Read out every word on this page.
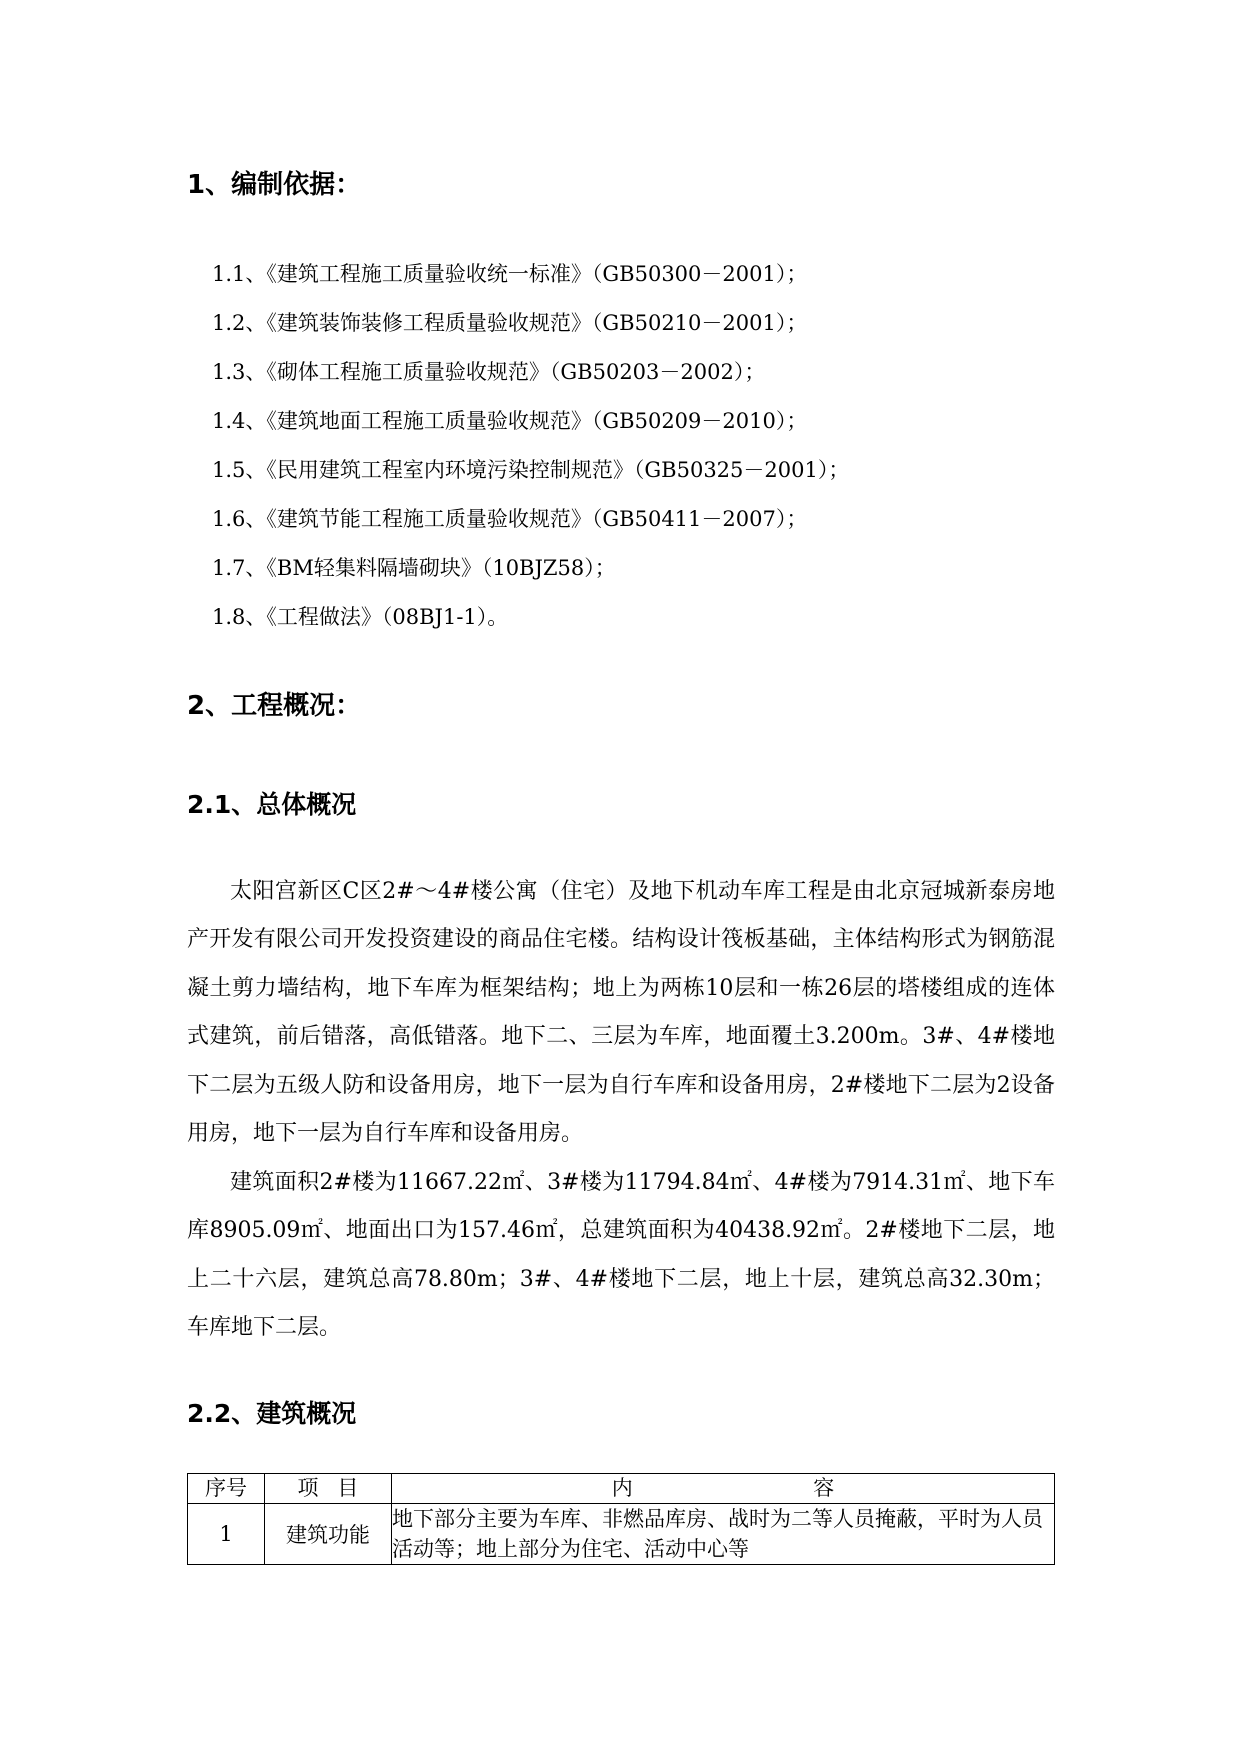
1、编制依据：
1.1、《建筑工程施工质量验收统一标准》（GB50300－2001）；
1.2、《建筑装饰装修工程质量验收规范》（GB50210－2001）；
1.3、《砌体工程施工质量验收规范》（GB50203－2002）；
1.4、《建筑地面工程施工质量验收规范》（GB50209－2010）；
1.5、《民用建筑工程室内环境污染控制规范》（GB50325－2001）；
1.6、《建筑节能工程施工质量验收规范》（GB50411－2007）；
1.7、《BM轻集料隔墙砌块》（10BJZ58）；
1.8、《工程做法》（08BJ1-1）。
2、工程概况：
2.1、总体概况

太阳宫新区C区2#～4#楼公寓（住宅）及地下机动车库工程是由北京冠城新泰房地产开发有限公司开发投资建设的商品住宅楼。结构设计筏板基础，主体结构形式为钢筋混凝土剪力墙结构，地下车库为框架结构；地上为两栋10层和一栋26层的塔楼组成的连体式建筑，前后错落，高低错落。地下二、三层为车库，地面覆土3.200m。3#、4#楼地下二层为五级人防和设备用房，地下一层为自行车库和设备用房，2#楼地下二层为2设备用房，地下一层为自行车库和设备用房。

建筑面积2#楼为11667.22㎡、3#楼为11794.84㎡、4#楼为7914.31㎡、地下车库8905.09㎡、地面出口为157.46㎡，总建筑面积为40438.92㎡。2#楼地下二层，地上二十六层，建筑总高78.80m；3#、4#楼地下二层，地上十层，建筑总高32.30m；车库地下二层。

2.2、建筑概况
序号	项目	内容
1	建筑功能	地下部分主要为车库、非燃品库房、战时为二等人员掩蔽，平时为人员活动等；地上部分为住宅、活动中心等
